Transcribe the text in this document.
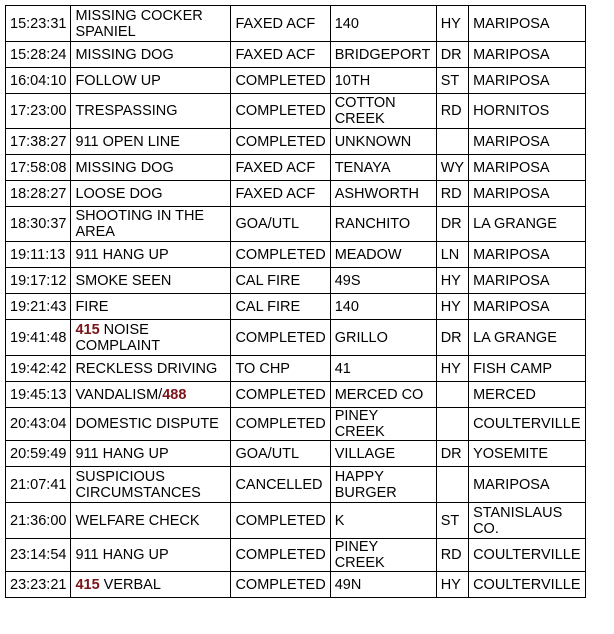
15:23:31	MISSING COCKER SPANIEL	FAXED ACF	140	HY	MARIPOSA
15:28:24	MISSING DOG	FAXED ACF	BRIDGEPORT	DR	MARIPOSA
16:04:10	FOLLOW UP	COMPLETED	10TH	ST	MARIPOSA
17:23:00	TRESPASSING	COMPLETED	COTTON CREEK	RD	HORNITOS
17:38:27	911 OPEN LINE	COMPLETED	UNKNOWN		MARIPOSA
17:58:08	MISSING DOG	FAXED ACF	TENAYA	WY	MARIPOSA
18:28:27	LOOSE DOG	FAXED ACF	ASHWORTH	RD	MARIPOSA
18:30:37	SHOOTING IN THE AREA	GOA/UTL	RANCHITO	DR	LA GRANGE
19:11:13	911 HANG UP	COMPLETED	MEADOW	LN	MARIPOSA
19:17:12	SMOKE SEEN	CAL FIRE	49S	HY	MARIPOSA
19:21:43	FIRE	CAL FIRE	140	HY	MARIPOSA
19:41:48	415 NOISE COMPLAINT	COMPLETED	GRILLO	DR	LA GRANGE
19:42:42	RECKLESS DRIVING	TO CHP	41	HY	FISH CAMP
19:45:13	VANDALISM/488	COMPLETED	MERCED CO		MERCED
20:43:04	DOMESTIC DISPUTE	COMPLETED	PINEY CREEK		COULTERVILLE
20:59:49	911 HANG UP	GOA/UTL	VILLAGE	DR	YOSEMITE
21:07:41	SUSPICIOUS CIRCUMSTANCES	CANCELLED	HAPPY BURGER		MARIPOSA
21:36:00	WELFARE CHECK	COMPLETED	K	ST	STANISLAUS CO.
23:14:54	911 HANG UP	COMPLETED	PINEY CREEK	RD	COULTERVILLE
23:23:21	415 VERBAL	COMPLETED	49N	HY	COULTERVILLE
